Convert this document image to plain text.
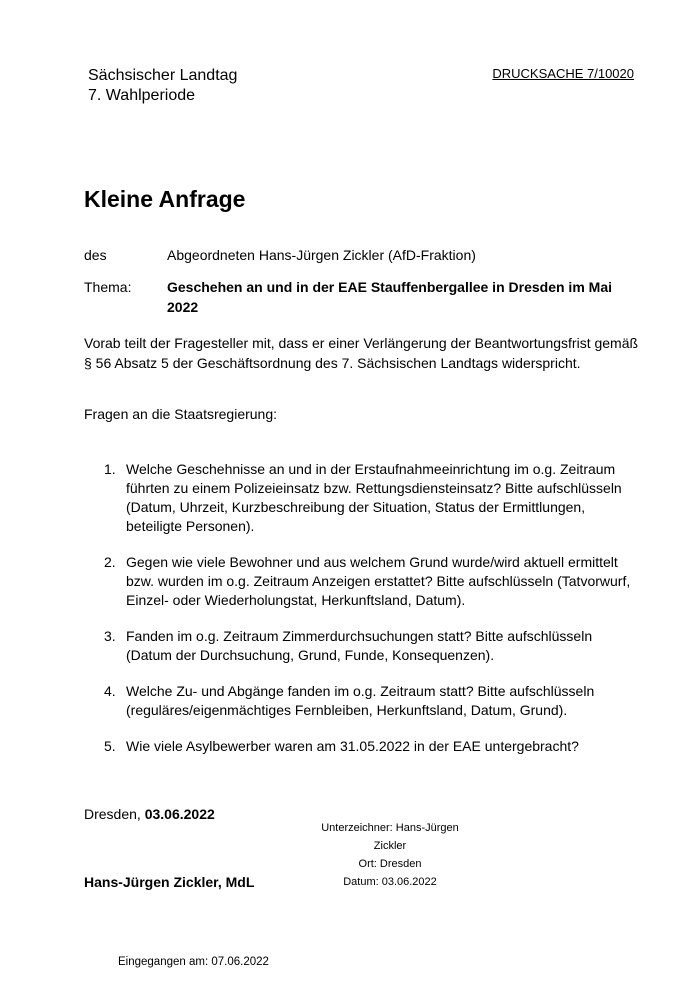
Sächsischer Landtag
7. Wahlperiode
DRUCKSACHE 7/10020
Kleine Anfrage
des	Abgeordneten Hans-Jürgen Zickler (AfD-Fraktion)
Thema:	Geschehen an und in der EAE Stauffenbergallee in Dresden im Mai 2022

Vorab teilt der Fragesteller mit, dass er einer Verlängerung der Beantwortungsfrist gemäß § 56 Absatz 5 der Geschäftsordnung des 7. Sächsischen Landtags widerspricht.

Fragen an die Staatsregierung:

1. Welche Geschehnisse an und in der Erstaufnahmeeinrichtung im o.g. Zeitraum führten zu einem Polizeieinsatz bzw. Rettungsdiensteinsatz? Bitte aufschlüsseln (Datum, Uhrzeit, Kurzbeschreibung der Situation, Status der Ermittlungen, beteiligte Personen).
2. Gegen wie viele Bewohner und aus welchem Grund wurde/wird aktuell ermittelt bzw. wurden im o.g. Zeitraum Anzeigen erstattet? Bitte aufschlüsseln (Tatvorwurf, Einzel- oder Wiederholungstat, Herkunftsland, Datum).
3. Fanden im o.g. Zeitraum Zimmerdurchsuchungen statt? Bitte aufschlüsseln (Datum der Durchsuchung, Grund, Funde, Konsequenzen).
4. Welche Zu- und Abgänge fanden im o.g. Zeitraum statt? Bitte aufschlüsseln (reguläres/eigenmächtiges Fernbleiben, Herkunftsland, Datum, Grund).
5. Wie viele Asylbewerber waren am 31.05.2022 in der EAE untergebracht?
Dresden, 03.06.2022
Unterzeichner: Hans-Jürgen
Zickler
Ort: Dresden
Datum: 03.06.2022
Hans-Jürgen Zickler, MdL
Eingegangen am: 07.06.2022
